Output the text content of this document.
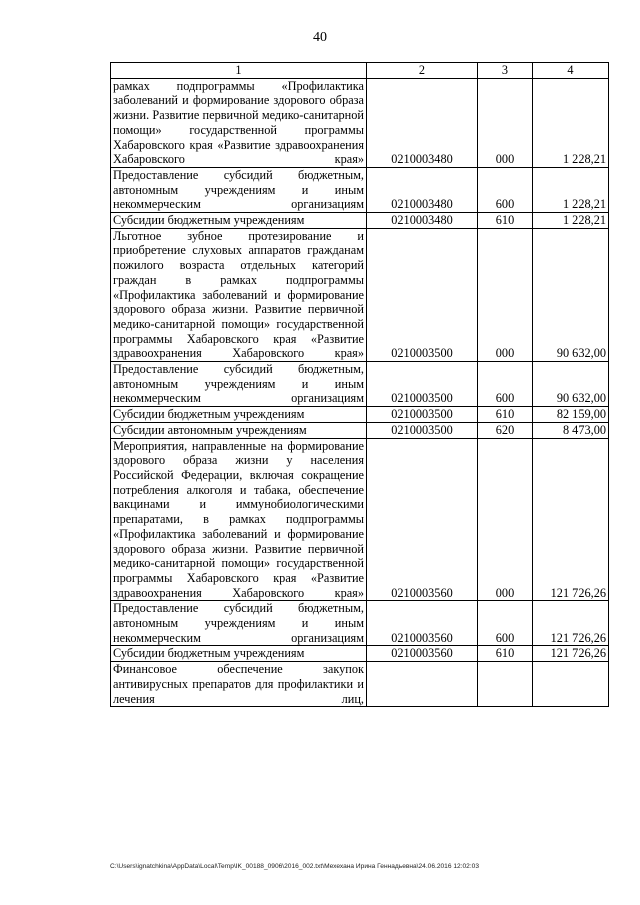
40
1	2	3	4
рамках подпрограммы «Профилактика заболеваний и формирование здорового образа жизни. Развитие первичной медико-санитарной помощи» государственной программы Хабаровского края «Развитие здравоохранения Хабаровского края»	0210003480	000	1 228,21
Предоставление субсидий бюджетным, автономным учреждениям и иным некоммерческим организациям	0210003480	600	1 228,21
Субсидии бюджетным учреждениям	0210003480	610	1 228,21
Льготное зубное протезирование и приобретение слуховых аппаратов гражданам пожилого возраста отдельных категорий граждан в рамках подпрограммы «Профилактика заболеваний и формирование здорового образа жизни. Развитие первичной медико-санитарной помощи» государственной программы Хабаровского края «Развитие здравоохранения Хабаровского края»	0210003500	000	90 632,00
Предоставление субсидий бюджетным, автономным учреждениям и иным некоммерческим организациям	0210003500	600	90 632,00
Субсидии бюджетным учреждениям	0210003500	610	82 159,00
Субсидии автономным учреждениям	0210003500	620	8 473,00
Мероприятия, направленные на формирование здорового образа жизни у населения Российской Федерации, включая сокращение потребления алкоголя и табака, обеспечение вакцинами и иммунобиологическими препаратами, в рамках подпрограммы «Профилактика заболеваний и формирование здорового образа жизни. Развитие первичной медико-санитарной помощи» государственной программы Хабаровского края «Развитие здравоохранения Хабаровского края»	0210003560	000	121 726,26
Предоставление субсидий бюджетным, автономным учреждениям и иным некоммерческим организациям	0210003560	600	121 726,26
Субсидии бюджетным учреждениям	0210003560	610	121 726,26
Финансовое обеспечение закупок антивирусных препаратов для профилактики и лечения лиц,			
C:\Users\ignatchkina\AppData\Local\Temp\IK_00188_0906\2016_002.txt\Мехеханa Ирина Геннадьевна\24.06.2016 12:02:03
